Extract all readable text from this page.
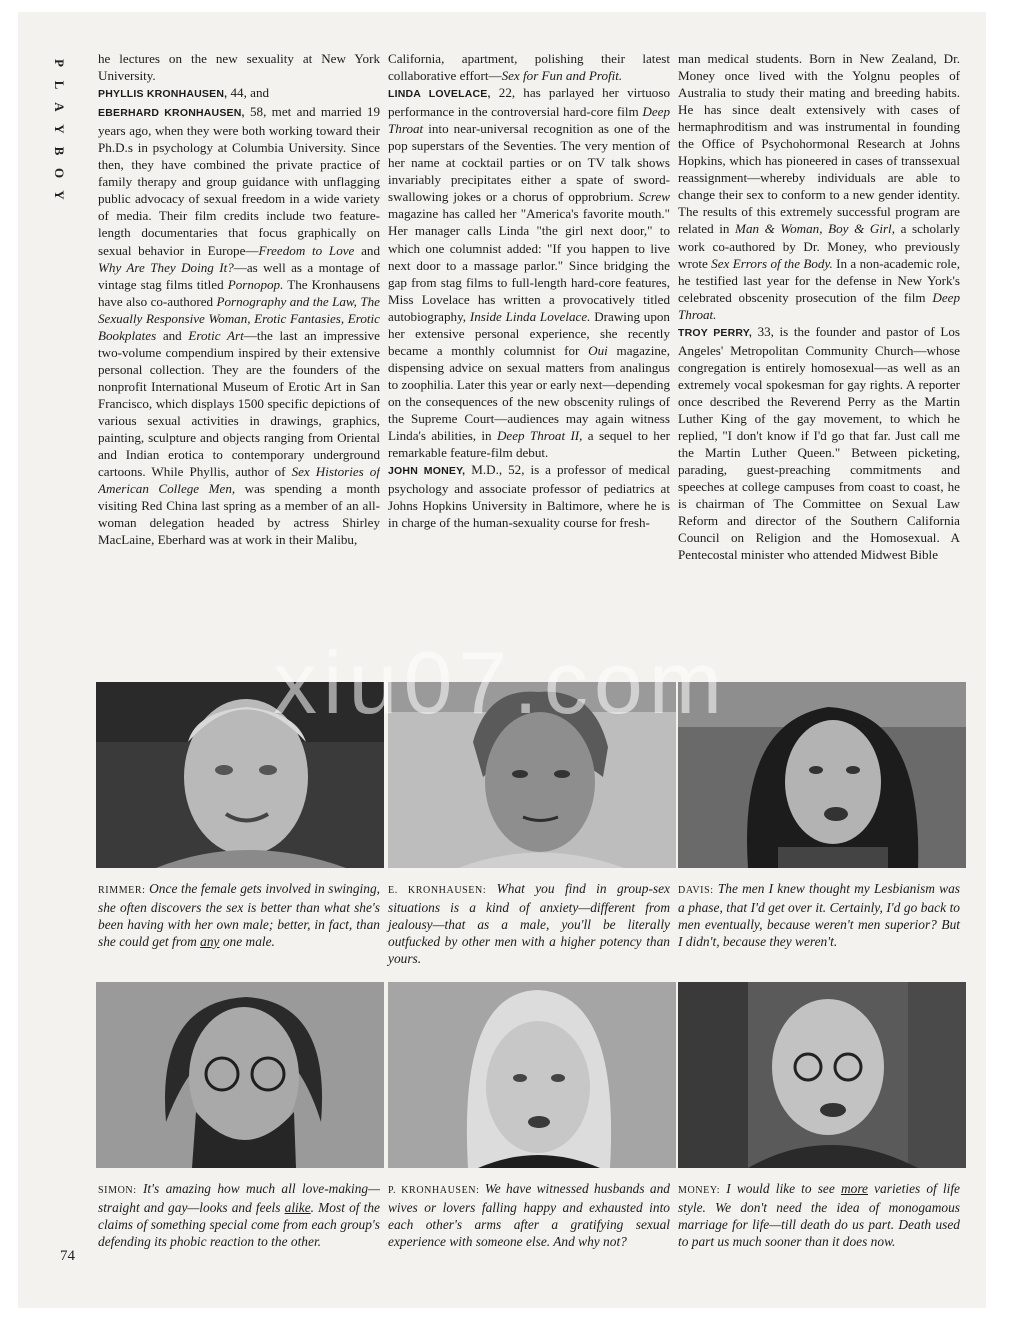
P
L
A
Y
B
O
Y

he lectures on the new sexuality at New York University.
PHYLLIS KRONHAUSEN, 44, and
EBERHARD KRONHAUSEN, 58, met and married 19 years ago, when they were both working toward their Ph.D.s in psychology at Columbia University. Since then, they have combined the private practice of family therapy and group guidance with unflagging public advocacy of sexual freedom in a wide variety of media. Their film credits include two feature-length documentaries that focus graphically on sexual behavior in Europe—Freedom to Love and Why Are They Doing It?—as well as a montage of vintage stag films titled Pornopop. The Kronhausens have also co-authored Pornography and the Law, The Sexually Responsive Woman, Erotic Fantasies, Erotic Bookplates and Erotic Art—the last an impressive two-volume compendium inspired by their extensive personal collection. They are the founders of the nonprofit International Museum of Erotic Art in San Francisco, which displays 1500 specific depictions of various sexual activities in drawings, graphics, painting, sculpture and objects ranging from Oriental and Indian erotica to contemporary underground cartoons. While Phyllis, author of Sex Histories of American College Men, was spending a month visiting Red China last spring as a member of an all-woman delegation headed by actress Shirley MacLaine, Eberhard was at work in their Malibu,

California, apartment, polishing their latest collaborative effort—Sex for Fun and Profit.
LINDA LOVELACE, 22, has parlayed her virtuoso performance in the controversial hard-core film Deep Throat into near-universal recognition as one of the pop superstars of the Seventies. The very mention of her name at cocktail parties or on TV talk shows invariably precipitates either a spate of sword-swallowing jokes or a chorus of opprobrium. Screw magazine has called her "America's favorite mouth." Her manager calls Linda "the girl next door," to which one columnist added: "If you happen to live next door to a massage parlor." Since bridging the gap from stag films to full-length hard-core features, Miss Lovelace has written a provocatively titled autobiography, Inside Linda Lovelace. Drawing upon her extensive personal experience, she recently became a monthly columnist for Oui magazine, dispensing advice on sexual matters from analingus to zoophilia. Later this year or early next—depending on the consequences of the new obscenity rulings of the Supreme Court—audiences may again witness Linda's abilities, in Deep Throat II, a sequel to her remarkable feature-film debut.
JOHN MONEY, M.D., 52, is a professor of medical psychology and associate professor of pediatrics at Johns Hopkins University in Baltimore, where he is in charge of the human-sexuality course for fresh-

man medical students. Born in New Zealand, Dr. Money once lived with the Yolgnu peoples of Australia to study their mating and breeding habits. He has since dealt extensively with cases of hermaphroditism and was instrumental in founding the Office of Psychohormonal Research at Johns Hopkins, which has pioneered in cases of transsexual reassignment—whereby individuals are able to change their sex to conform to a new gender identity. The results of this extremely successful program are related in Man & Woman, Boy & Girl, a scholarly work co-authored by Dr. Money, who previously wrote Sex Errors of the Body. In a non-academic role, he testified last year for the defense in New York's celebrated obscenity prosecution of the film Deep Throat.
TROY PERRY, 33, is the founder and pastor of Los Angeles' Metropolitan Community Church—whose congregation is entirely homosexual—as well as an extremely vocal spokesman for gay rights. A reporter once described the Reverend Perry as the Martin Luther King of the gay movement, to which he replied, "I don't know if I'd go that far. Just call me the Martin Luther Queen." Between picketing, parading, guest-preaching commitments and speeches at college campuses from coast to coast, he is chairman of The Committee on Sexual Law Reform and director of the Southern California Council on Religion and the Homosexual. A Pentecostal minister who attended Midwest Bible

xiu07.com
RIMMER: Once the female gets involved in swinging, she often discovers the sex is better than what she's been having with her own male; better, in fact, than she could get from any one male.
E. KRONHAUSEN: What you find in group-sex situations is a kind of anxiety—different from jealousy—that as a male, you'll be literally outfucked by other men with a higher potency than yours.
DAVIS: The men I knew thought my Lesbianism was a phase, that I'd get over it. Certainly, I'd go back to men eventually, because weren't men superior? But I didn't, because they weren't.
SIMON: It's amazing how much all love-making—straight and gay—looks and feels alike. Most of the claims of something special come from each group's defending its phobic reaction to the other.
P. KRONHAUSEN: We have witnessed husbands and wives or lovers falling happy and exhausted into each other's arms after a gratifying sexual experience with someone else. And why not?
MONEY: I would like to see more varieties of life style. We don't need the idea of monogamous marriage for life—till death do us part. Death used to part us much sooner than it does now.
74
